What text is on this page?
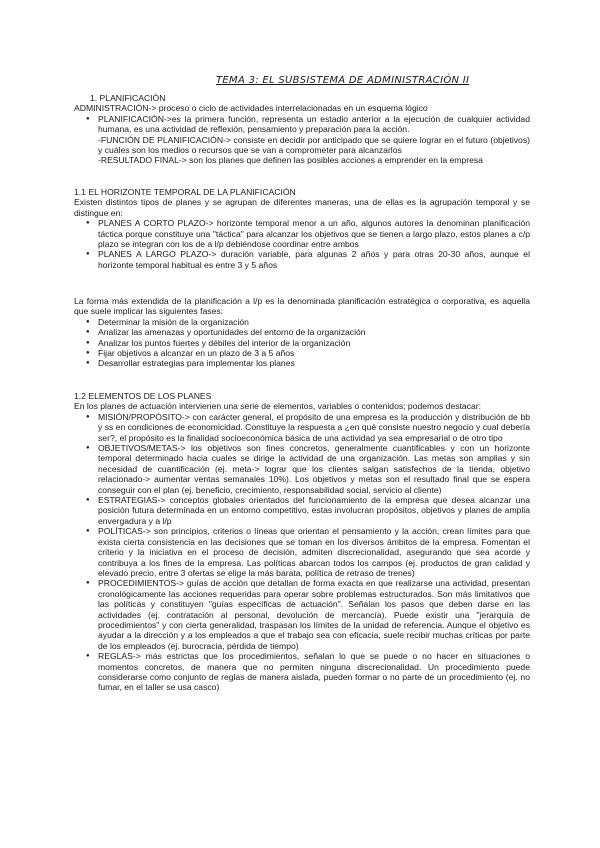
TEMA 3: EL SUBSISTEMA DE ADMINISTRACIÓN II

1. PLANIFICACIÓN

ADMINISTRACIÓN-> proceso o ciclo de actividades interrelacionadas en un esquema lógico

● PLANIFICACIÓN->es la primera función, representa un estadio anterior a la ejecución de cualquier actividad humana, es una actividad de reflexión, pensamiento y preparación para la acción.

-FUNCIÓN DE PLANIFICACIÓN-> consiste en decidir por anticipado que se quiere lograr en el futuro (objetivos) y cuáles son los medios o recursos que se van a comprometer para alcanzarlos

-RESULTADO FINAL-> son los planes que definen las posibles acciones a emprender en la empresa

1.1 EL HORIZONTE TEMPORAL DE LA PLANIFICACIÓN

Existen distintos tipos de planes y se agrupan de diferentes maneras, una de ellas es la agrupación temporal y se distingue en:

● PLANES A CORTO PLAZO-> horizonte temporal menor a un año, algunos autores la denominan planificación táctica porque constituye una "táctica" para alcanzar los objetivos que se tienen a largo plazo, estos planes a c/p plazo se integran con los de a l/p debiéndose coordinar entre ambos
● PLANES A LARGO PLAZO-> duración variable, para algunas 2 años y para otras 20-30 años, aunque el horizonte temporal habitual es entre 3 y 5 años

La forma más extendida de la planificación a l/p es la denominada planificación estratégica o corporativa, es aquella que suele implicar las siguientes fases:

● Determinar la misión de la organización
● Analizar las amenazas y oportunidades del entorno de la organización
● Analizar los puntos fuertes y débiles del interior de la organización
● Fijar objetivos a alcanzar en un plazo de 3 a 5 años
● Desarrollar estrategias para implementar los planes

1.2 ELEMENTOS DE LOS PLANES

En los planes de actuación intervienen una serie de elementos, variables o contenidos; podemos destacar:

● MISIÓN/PROPÓSITO-> con carácter general, el propósito de una empresa es la producción y distribución de bb y ss en condiciones de economicidad. Constituye la respuesta a ¿en qué consiste nuestro negocio y cual debería ser?, el propósito es la finalidad socioeconómica básica de una actividad ya sea empresarial o de otro tipo
● OBJETIVOS/METAS-> los objetivos son fines concretos, generalmente cuantificables y con un horizonte temporal determinado hacia cuales se dirige la actividad de una organización. Las metas son amplias y sin necesidad de cuantificación (ej. meta-> lograr que los clientes salgan satisfechos de la tienda, objetivo relacionado-> aumentar ventas semanales 10%). Los objetivos y metas son el resultado final que se espera conseguir con el plan (ej. beneficio, crecimiento, responsabilidad social, servicio al cliente)
● ESTRATEGIAS-> conceptos globales orientados del funcionamiento de la empresa que desea alcanzar una posición futura determinada en un entorno competitivo, estas involucran propósitos, objetivos y planes de amplia envergadura y a l/p
● POLÍTICAS-> son principios, criterios o líneas que orientan el pensamiento y la acción, crean límites para que exista cierta consistencia en las decisiones que se toman en los diversos ámbitos de la empresa. Fomentan el criterio y la iniciativa en el proceso de decisión, admiten discrecionalidad, asegurando que sea acorde y contribuya a los fines de la empresa. Las políticas abarcan todos los campos (ej. productos de gran calidad y elevado precio, entre 3 ofertas se elige la más barata, política de retraso de trenes)
● PROCEDIMIENTOS-> guías de acción que detallan de forma exacta en que realizarse una actividad, presentan cronológicamente las acciones requeridas para operar sobre problemas estructurados. Son más limitativos que las políticas y constituyen "guías específicas de actuación". Señalan los pasos que deben darse en las actividades (ej. contratación al personal, devolución de mercancía). Puede existir una "jerarquía de procedimientos" y con cierta generalidad, traspasan los límites de la unidad de referencia. Aunque el objetivo es ayudar a la dirección y a los empleados a que el trabajo sea con eficacia, suele recibir muchas críticas por parte de los empleados (ej. burocracia, pérdida de tiempo)
● REGLAS-> más estrictas que los procedimientos, señalan lo que se puede o no hacer en situaciones o momentos concretos, de manera que no permiten ninguna discrecionalidad. Un procedimiento puede considerarse como conjunto de reglas de manera aislada, pueden formar o no parte de un procedimiento (ej. no fumar, en el taller se usa casco)
